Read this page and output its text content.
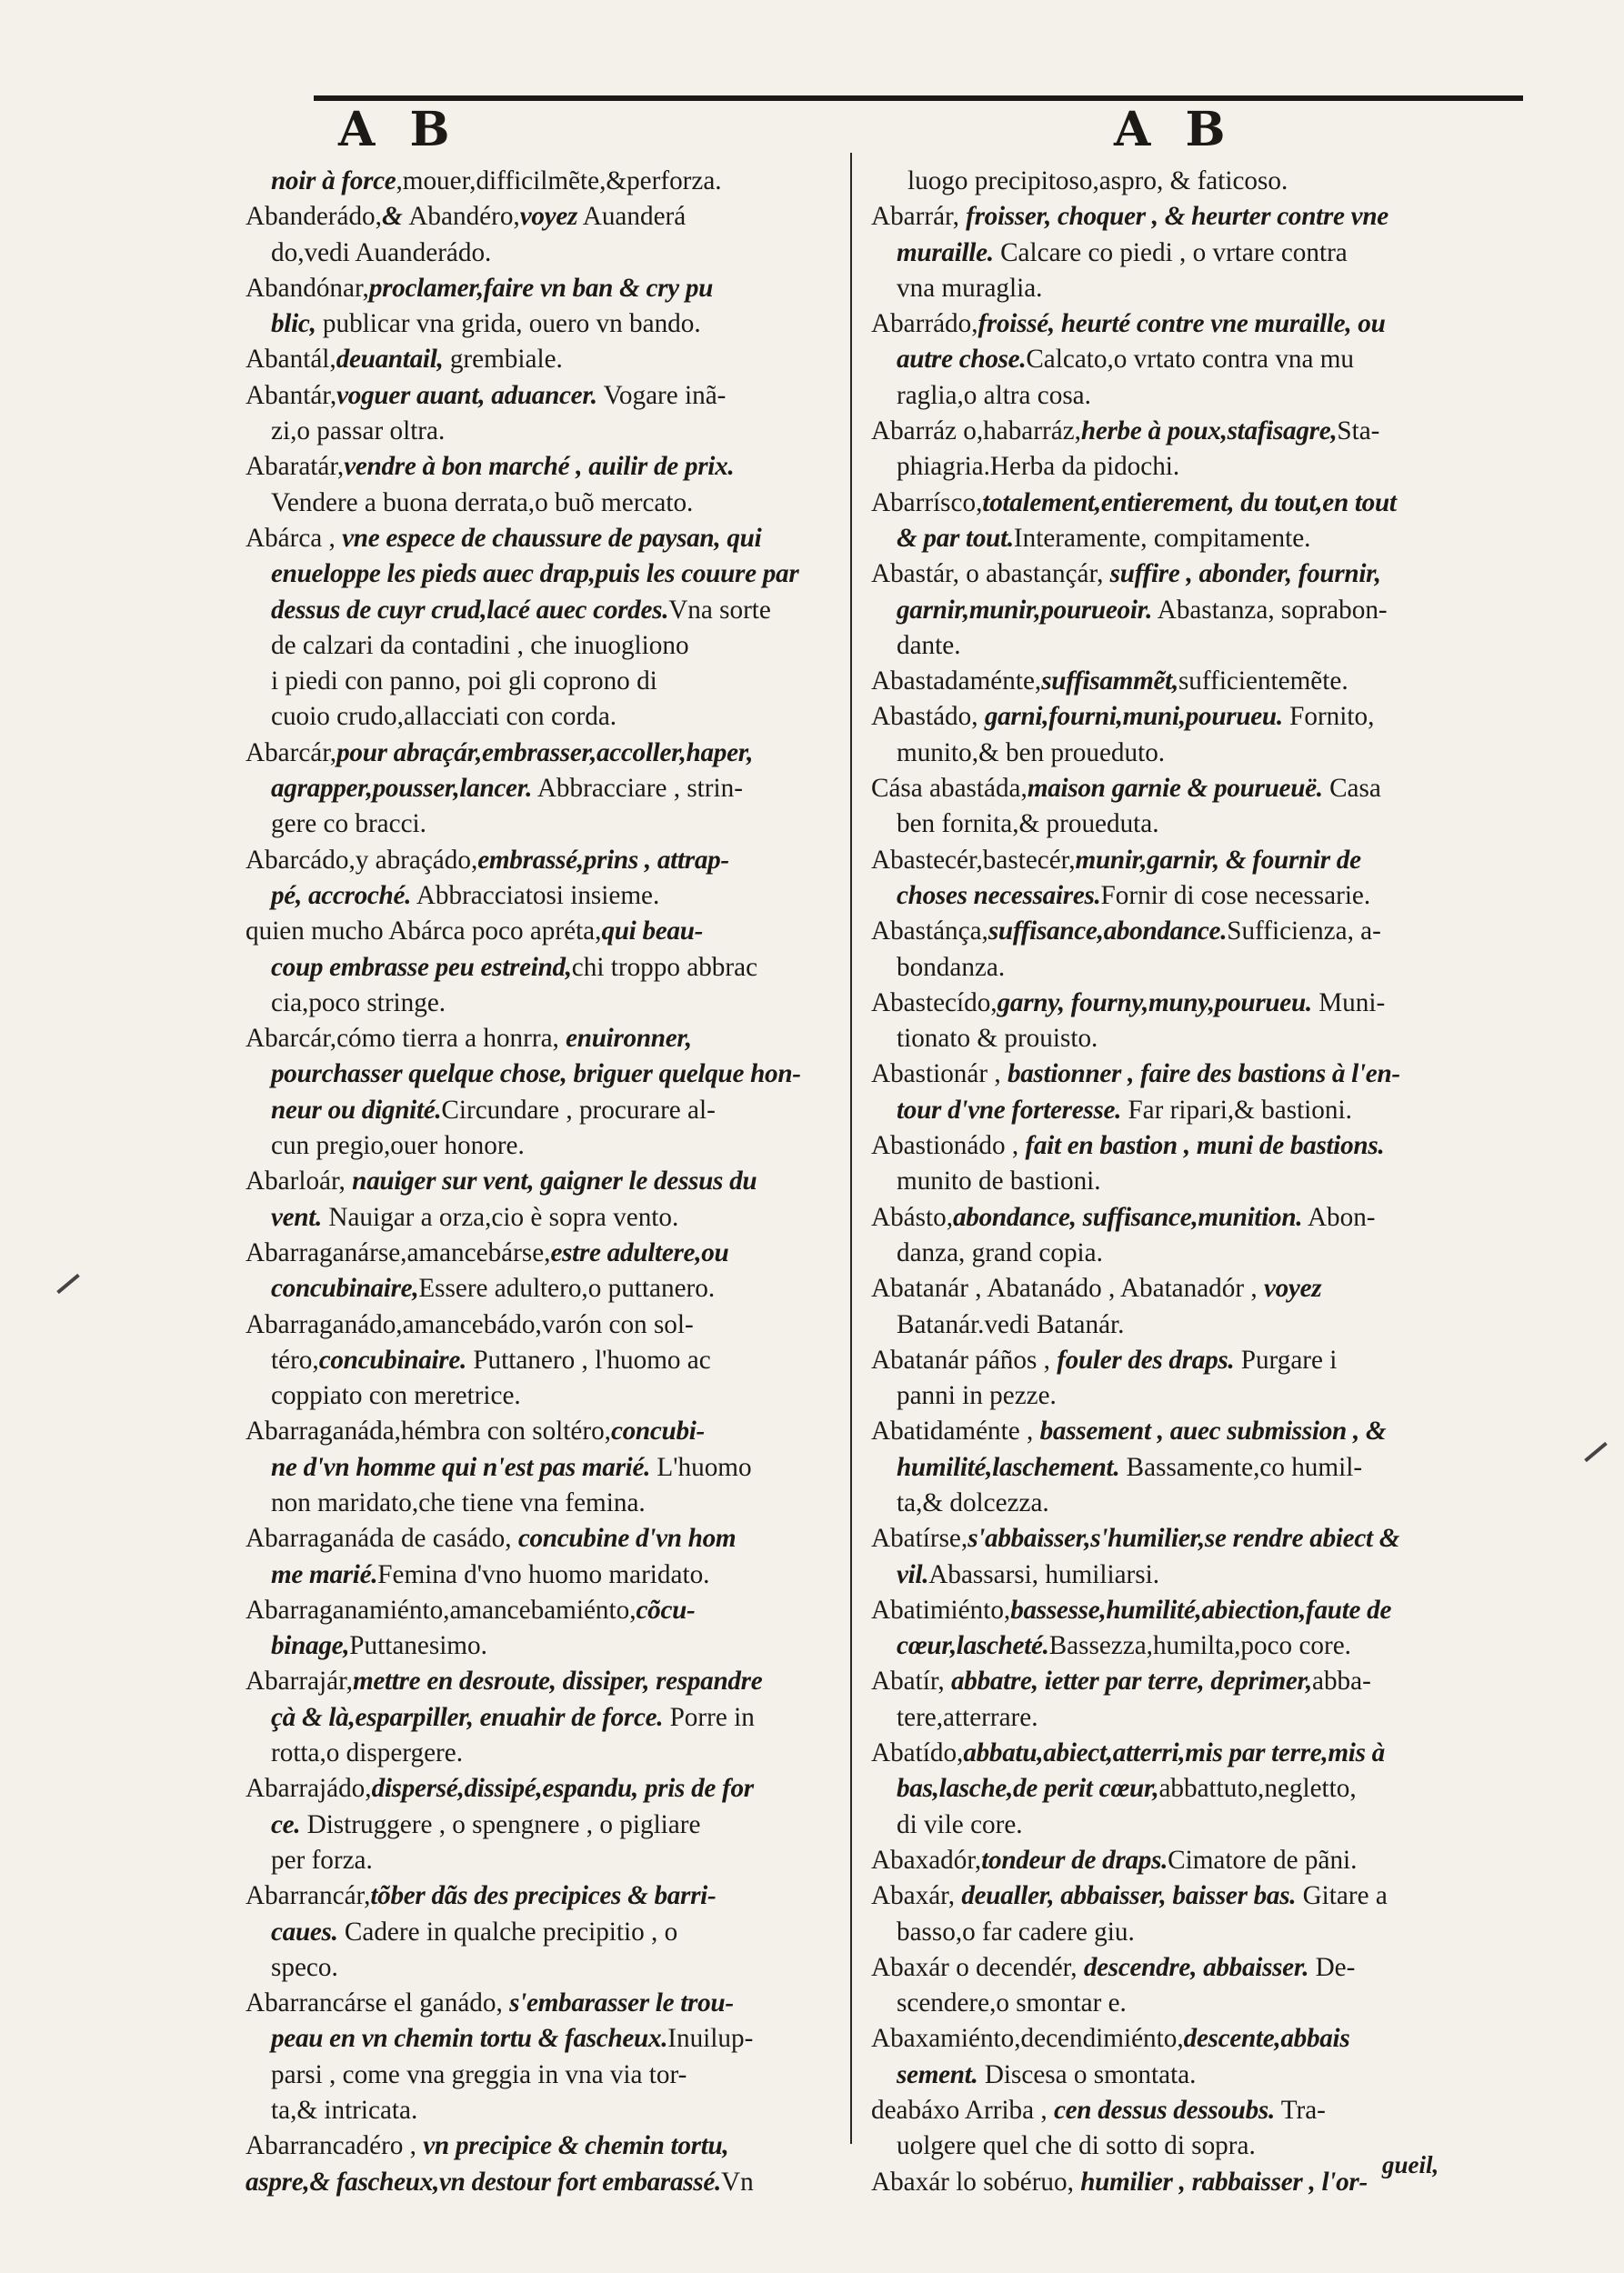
A B	A B
noir à force,mouer,difficilmẽte,&perforza.
Abanderádo,& Abandéro,voyez Auanderá
do,vedi Auanderádo.
Abandónar,proclamer,faire vn ban & cry pu
blic, publicar vna grida, ouero vn bando.
Abantál,deuantail, grembiale.
Abantár,voguer auant, aduancer. Vogare inã-
zi,o passar oltra.
Abaratár,vendre à bon marché , auilir de prix.
Vendere a buona derrata,o buõ mercato.
Abárca , vne espece de chaussure de paysan, qui
enueloppe les pieds auec drap,puis les couure par
dessus de cuyr crud,lacé auec cordes.Vna sorte
de calzari da contadini , che inuogliono
i piedi con panno, poi gli coprono di
cuoio crudo,allacciati con corda.
Abarcár,pour abraçár,embrasser,accoller,haper,
agrapper,pousser,lancer. Abbracciare , strin-
gere co bracci.
Abarcádo,y abraçádo,embrassé,prins , attrap-
pé, accroché. Abbracciatosi insieme.
quien mucho Abárca poco apréta,qui beau-
coup embrasse peu estreind,chi troppo abbrac
cia,poco stringe.
Abarcár,cómo tierra a honrra, enuironner,
pourchasser quelque chose, briguer quelque hon-
neur ou dignité.Circundare , procurare al-
cun pregio,ouer honore.
Abarloár, nauiger sur vent, gaigner le dessus du
vent. Nauigar a orza,cio è sopra vento.
Abarraganárse,amancebárse,estre adultere,ou
concubinaire,Essere adultero,o puttanero.
Abarraganádo,amancebádo,varón con sol-
téro,concubinaire. Puttanero , l'huomo ac
coppiato con meretrice.
Abarraganáda,hémbra con soltéro,concubi-
ne d'vn homme qui n'est pas marié. L'huomo
non maridato,che tiene vna femina.
Abarraganáda de casádo, concubine d'vn hom
me marié.Femina d'vno huomo maridato.
Abarraganamiénto,amancebamiénto,cõcu-
binage,Puttanesimo.
Abarrajár,mettre en desroute, dissiper, respandre
çà & là,esparpiller, enuahir de force. Porre in
rotta,o dispergere.
Abarrajádo,dispersé,dissipé,espandu, pris de for
ce. Distruggere , o spengnere , o pigliare
per forza.
Abarrancár,tõber dãs des precipices & barri-
caues. Cadere in qualche precipitio , o
speco.
Abarrancárse el ganádo, s'embarasser le trou-
peau en vn chemin tortu & fascheux.Inuilup-
parsi , come vna greggia in vna via tor-
ta,& intricata.
Abarrancadéro , vn precipice & chemin tortu,
aspre,& fascheux,vn destour fort embarassé.Vn
luogo precipitoso,aspro, & faticoso.
Abarrár, froisser, choquer , & heurter contre vne
muraille. Calcare co piedi , o vrtare contra
vna muraglia.
Abarrádo,froissé, heurté contre vne muraille, ou
autre chose.Calcato,o vrtato contra vna mu
raglia,o altra cosa.
Abarráz o,habarráz,herbe à poux,stafisagre,Sta-
phiagria.Herba da pidochi.
Abarrísco,totalement,entierement, du tout,en tout
& par tout.Interamente, compitamente.
Abastár, o abastançár, suffire , abonder, fournir,
garnir,munir,pourueoir. Abastanza, soprabon-
dante.
Abastadaménte,suffisammẽt,sufficientemẽte.
Abastádo, garni,fourni,muni,pourueu. Fornito,
munito,& ben proueduto.
Cása abastáda,maison garnie & pourueuë. Casa
ben fornita,& proueduta.
Abastecér,bastecér,munir,garnir, & fournir de
choses necessaires.Fornir di cose necessarie.
Abastánça,suffisance,abondance.Sufficienza, a-
bondanza.
Abastecído,garny, fourny,muny,pourueu. Muni-
tionato & prouisto.
Abastionár , bastionner , faire des bastions à l'en-
tour d'vne forteresse. Far ripari,& bastioni.
Abastionádo , fait en bastion , muni de bastions.
munito de bastioni.
Abásto,abondance, suffisance,munition. Abon-
danza, grand copia.
Abatanár , Abatanádo , Abatanadór , voyez
Batanár.vedi Batanár.
Abatanár páños , fouler des draps. Purgare i
panni in pezze.
Abatidaménte , bassement , auec submission , &
humilité,laschement. Bassamente,co humil-
ta,& dolcezza.
Abatírse,s'abbaisser,s'humilier,se rendre abiect &
vil.Abassarsi, humiliarsi.
Abatimiénto,bassesse,humilité,abiection,faute de
cœur,lascheté.Bassezza,humilta,poco core.
Abatír, abbatre, ietter par terre, deprimer,abba-
tere,atterrare.
Abatído,abbatu,abiect,atterri,mis par terre,mis à
bas,lasche,de perit cœur,abbattuto,negletto,
di vile core.
Abaxadór,tondeur de draps.Cimatore de pãni.
Abaxár, deualler, abbaisser, baisser bas. Gitare a
basso,o far cadere giu.
Abaxár o decendér, descendre, abbaisser. De-
scendere,o smontar e.
Abaxamiénto,decendimiénto,descente,abbais
sement. Discesa o smontata.
deabáxo Arriba , cen dessus dessoubs. Tra-
uolgere quel che di sotto di sopra.
Abaxár lo sobéruo, humilier , rabbaisser , l'or-
gueil,
